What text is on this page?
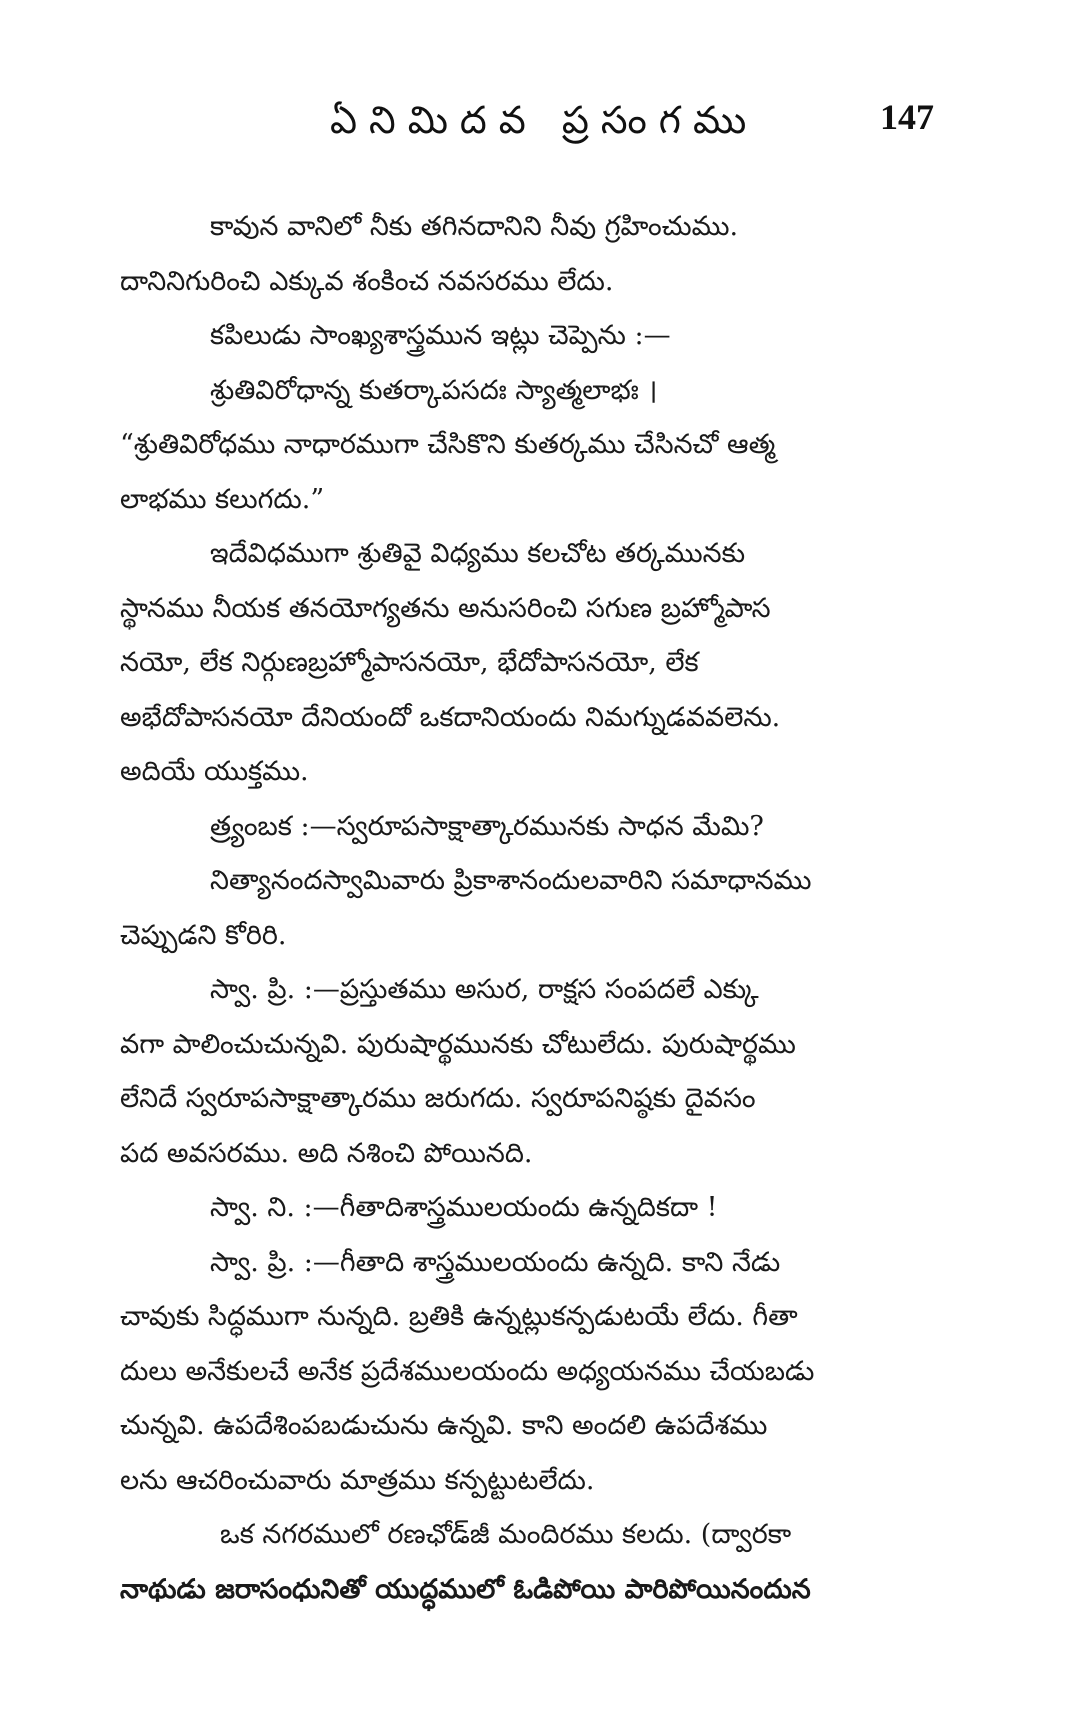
ఏనిమిదవ ప్రసంగము	147
కావున వానిలో నీకు తగినదానిని నీవు గ్రహించుము.
దానినిగురించి ఎక్కువ శంకించ నవసరము లేదు.
కపిలుడు సాంఖ్యశాస్త్రమున ఇట్లు చెప్పెను :—
శ్రుతివిరోధాన్న కుతర్కాపసదః స్యాత్మలాభః ।
“శ్రుతివిరోధము నాధారముగా చేసికొని కుతర్కము చేసినచో ఆత్మ
లాభము కలుగదు.”
ఇదేవిధముగా శ్రుతివై విధ్యము కలచోట తర్కమునకు
స్థానము నీయక తనయోగ్యతను అనుసరించి సగుణ బ్రహ్మోపాస
నయో, లేక నిర్గుణబ్రహ్మోపాసనయో, భేదోపాసనయో, లేక
అభేదోపాసనయో దేనియందో ఒకదానియందు నిమగ్నుడవవలెను.
అదియే యుక్తము.
త్ర్యంబక :—స్వరూపసాక్షాత్కారమునకు సాధన మేమి?
నిత్యానందస్వామివారు ప్రికాశానందులవారిని సమాధానము
చెప్పుడని కోరిరి.
స్వా. ప్రి. :—ప్రస్తుతము అసుర, రాక్షస సంపదలే ఎక్కు
వగా పాలించుచున్నవి. పురుషార్థమునకు చోటులేదు. పురుషార్థము
లేనిదే స్వరూపసాక్షాత్కారము జరుగదు. స్వరూపనిష్ఠకు దైవసం
పద అవసరము. అది నశించి పోయినది.
స్వా. ని. :—గీతాదిశాస్త్రములయందు ఉన్నదికదా !
స్వా. ప్రి. :—గీతాది శాస్త్రములయందు ఉన్నది. కాని నేడు
చావుకు సిద్ధముగా నున్నది. బ్రతికి ఉన్నట్లుకన్పడుటయే లేదు. గీతా
దులు అనేకులచే అనేక ప్రదేశములయందు అధ్యయనము చేయబడు
చున్నవి. ఉపదేశింపబడుచును ఉన్నవి. కాని అందలి ఉపదేశము
లను ఆచరించువారు మాత్రము కన్పట్టుటలేదు.
ఒక నగరములో రణఛోడ్‌జీ మందిరము కలదు. (ద్వారకా
నాథుడు జరాసంధునితో యుద్ధములో ఓడిపోయి పారిపోయినందున
